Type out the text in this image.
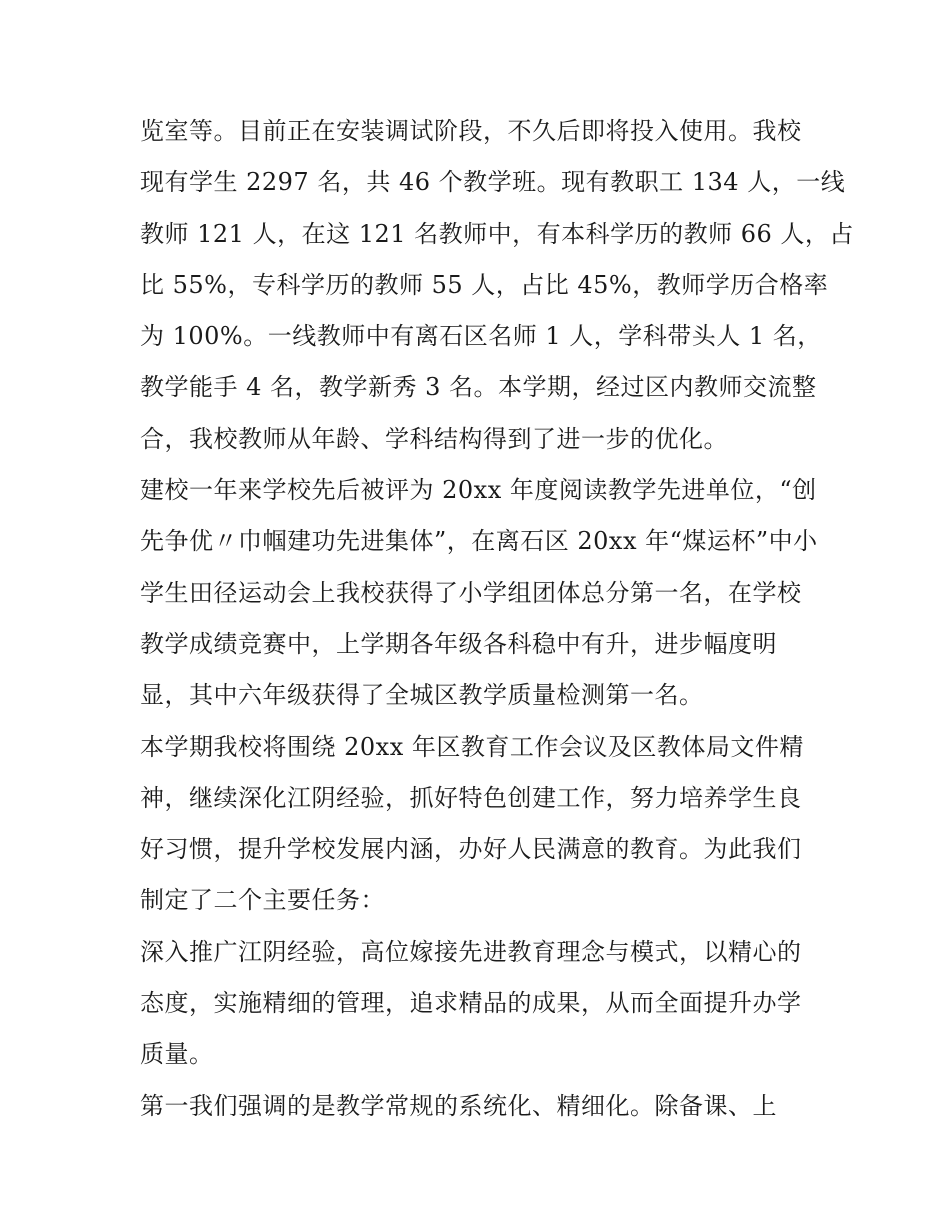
览室等。目前正在安装调试阶段，不久后即将投入使用。我校
现有学生 2297 名，共 46 个教学班。现有教职工 134 人，一线
教师 121 人，在这 121 名教师中，有本科学历的教师 66 人，占
比 55%，专科学历的教师 55 人，占比 45%，教师学历合格率
为 100%。一线教师中有离石区名师 1 人，学科带头人 1 名，
教学能手 4 名，教学新秀 3 名。本学期，经过区内教师交流整
合，我校教师从年龄、学科结构得到了进一步的优化。
建校一年来学校先后被评为 20xx 年度阅读教学先进单位，“创
先争优〃巾帼建功先进集体”，在离石区 20xx 年“煤运杯”中小
学生田径运动会上我校获得了小学组团体总分第一名，在学校
教学成绩竞赛中，上学期各年级各科稳中有升，进步幅度明
显，其中六年级获得了全城区教学质量检测第一名。
本学期我校将围绕 20xx 年区教育工作会议及区教体局文件精
神，继续深化江阴经验，抓好特色创建工作，努力培养学生良
好习惯，提升学校发展内涵，办好人民满意的教育。为此我们
制定了二个主要任务：
深入推广江阴经验，高位嫁接先进教育理念与模式，以精心的
态度，实施精细的管理，追求精品的成果，从而全面提升办学
质量。
第一我们强调的是教学常规的系统化、精细化。除备课、上
